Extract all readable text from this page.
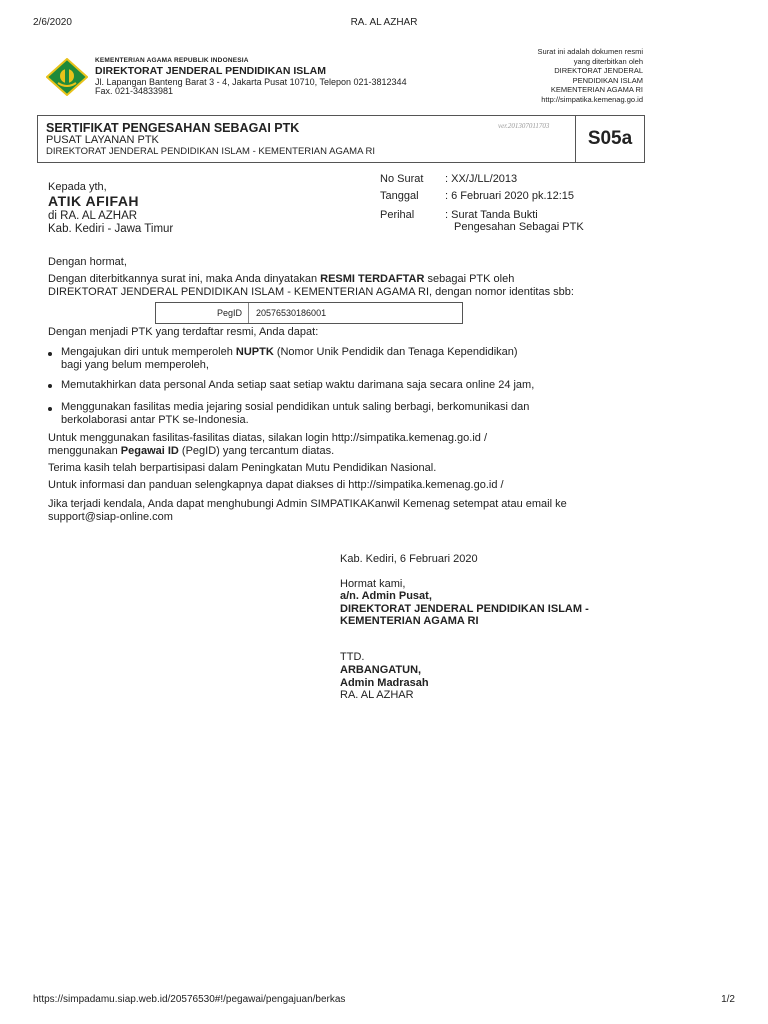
2/6/2020	RA. AL AZHAR
KEMENTERIAN AGAMA REPUBLIK INDONESIA
DIREKTORAT JENDERAL PENDIDIKAN ISLAM
Jl. Lapangan Banteng Barat 3 - 4, Jakarta Pusat 10710, Telepon 021-3812344
Fax. 021-34833981
Surat ini adalah dokumen resmi
yang diterbitkan oleh
DIREKTORAT JENDERAL
PENDIDIKAN ISLAM
KEMENTERIAN AGAMA RI
http://simpatika.kemenag.go.id
SERTIFIKAT PENGESAHAN SEBAGAI PTK
PUSAT LAYANAN PTK
DIREKTORAT JENDERAL PENDIDIKAN ISLAM - KEMENTERIAN AGAMA RI
ver.201307011703
S05a
Kepada yth,
ATIK AFIFAH
di RA. AL AZHAR
Kab. Kediri - Jawa Timur
No Surat : XX/J/LL/2013
Tanggal : 6 Februari 2020 pk.12:15
Perihal	: Surat Tanda Bukti
Pengesahan Sebagai PTK
Dengan hormat,
Dengan diterbitkannya surat ini, maka Anda dinyatakan RESMI TERDAFTAR sebagai PTK oleh
DIREKTORAT JENDERAL PENDIDIKAN ISLAM - KEMENTERIAN AGAMA RI, dengan nomor identitas sbb:
PegID 20576530186001
Dengan menjadi PTK yang terdaftar resmi, Anda dapat:
Mengajukan diri untuk memperoleh NUPTK (Nomor Unik Pendidik dan Tenaga Kependidikan)
bagi yang belum memperoleh,
Memutakhirkan data personal Anda setiap saat setiap waktu darimana saja secara online 24 jam,
Menggunakan fasilitas media jejaring sosial pendidikan untuk saling berbagi, berkomunikasi dan
berkolaborasi antar PTK se-Indonesia.
Untuk menggunakan fasilitas-fasilitas diatas, silakan login http://simpatika.kemenag.go.id /
menggunakan Pegawai ID (PegID) yang tercantum diatas.
Terima kasih telah berpartisipasi dalam Peningkatan Mutu Pendidikan Nasional.
Untuk informasi dan panduan selengkapnya dapat diakses di http://simpatika.kemenag.go.id /
Jika terjadi kendala, Anda dapat menghubungi Admin SIMPATIKAKanwil Kemenag setempat atau email ke
support@siap-online.com
Kab. Kediri, 6 Februari 2020
Hormat kami,
a/n. Admin Pusat,
DIREKTORAT JENDERAL PENDIDIKAN ISLAM -
KEMENTERIAN AGAMA RI
TTD.
ARBANGATUN,
Admin Madrasah
RA. AL AZHAR
https://simpadamu.siap.web.id/20576530#!/pegawai/pengajuan/berkas	1/2
